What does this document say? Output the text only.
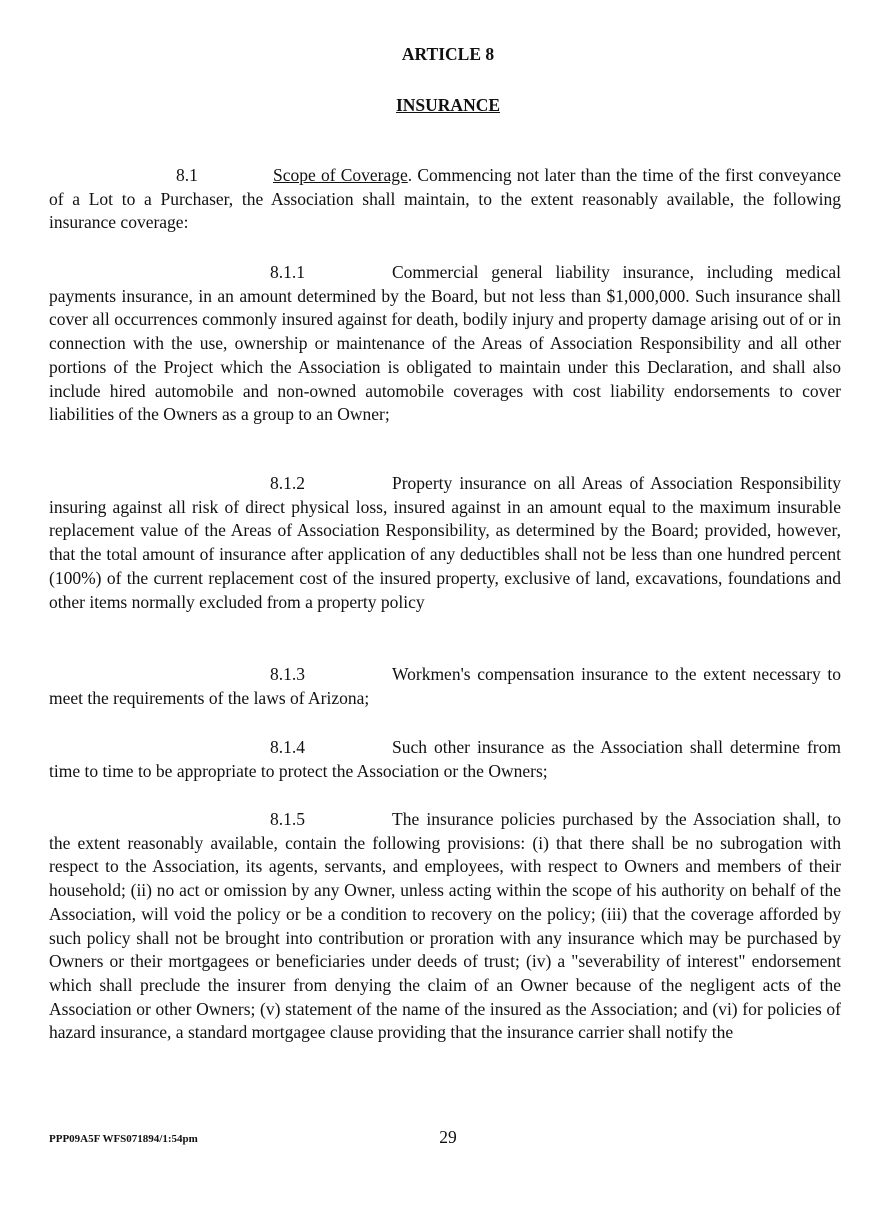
ARTICLE 8
INSURANCE
8.1	Scope of Coverage. Commencing not later than the time of the first conveyance of a Lot to a Purchaser, the Association shall maintain, to the extent reasonably available, the following insurance coverage:
8.1.1	Commercial general liability insurance, including medical payments insurance, in an amount determined by the Board, but not less than $1,000,000. Such insurance shall cover all occurrences commonly insured against for death, bodily injury and property damage arising out of or in connection with the use, ownership or maintenance of the Areas of Association Responsibility and all other portions of the Project which the Association is obligated to maintain under this Declaration, and shall also include hired automobile and non-owned automobile coverages with cost liability endorsements to cover liabilities of the Owners as a group to an Owner;
8.1.2	Property insurance on all Areas of Association Responsibility insuring against all risk of direct physical loss, insured against in an amount equal to the maximum insurable replacement value of the Areas of Association Responsibility, as determined by the Board; provided, however, that the total amount of insurance after application of any deductibles shall not be less than one hundred percent (100%) of the current replacement cost of the insured property, exclusive of land, excavations, foundations and other items normally excluded from a property policy
8.1.3	Workmen's compensation insurance to the extent necessary to meet the requirements of the laws of Arizona;
8.1.4	Such other insurance as the Association shall determine from time to time to be appropriate to protect the Association or the Owners;
8.1.5	The insurance policies purchased by the Association shall, to the extent reasonably available, contain the following provisions: (i) that there shall be no subrogation with respect to the Association, its agents, servants, and employees, with respect to Owners and members of their household; (ii) no act or omission by any Owner, unless acting within the scope of his authority on behalf of the Association, will void the policy or be a condition to recovery on the policy; (iii) that the coverage afforded by such policy shall not be brought into contribution or proration with any insurance which may be purchased by Owners or their mortgagees or beneficiaries under deeds of trust; (iv) a "severability of interest" endorsement which shall preclude the insurer from denying the claim of an Owner because of the negligent acts of the Association or other Owners; (v) statement of the name of the insured as the Association; and (vi) for policies of hazard insurance, a standard mortgagee clause providing that the insurance carrier shall notify the
PPP09A5F WFS071894/1:54pm	29
